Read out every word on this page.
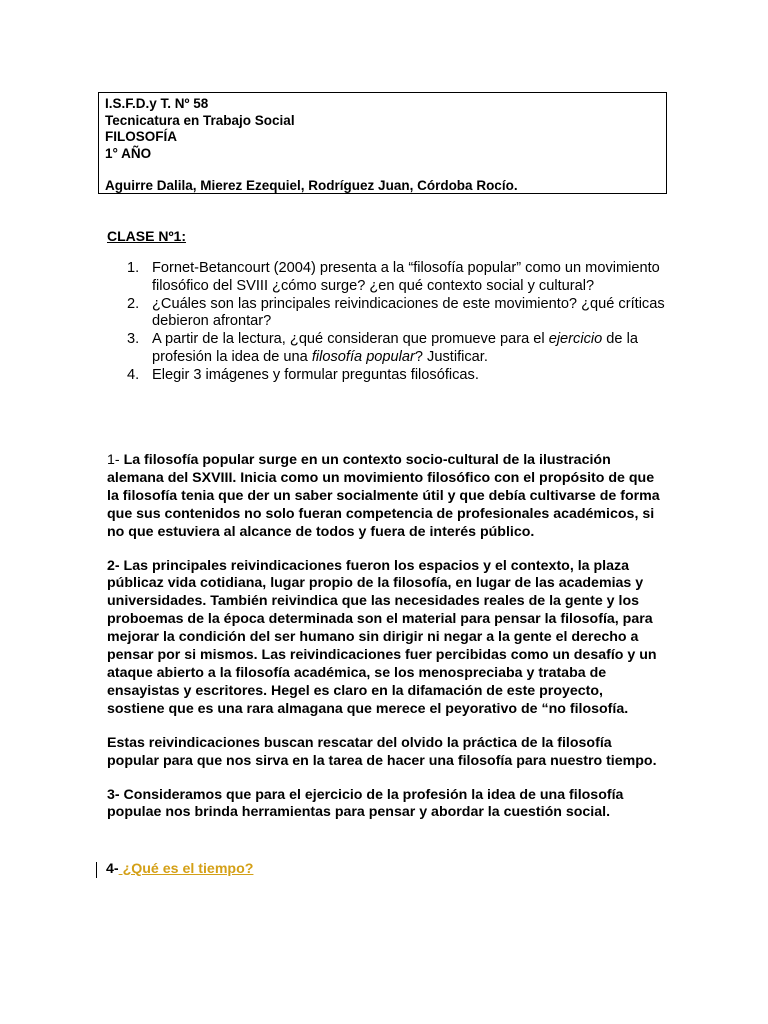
I.S.F.D.y T. Nº 58
Tecnicatura en Trabajo Social
FILOSOFÍA
1° AÑO
Aguirre Dalila, Mierez Ezequiel, Rodríguez Juan, Córdoba Rocío.
CLASE Nº1:
1. Fornet-Betancourt (2004) presenta a la “filosofía popular” como un movimiento filosófico del SVIII ¿cómo surge? ¿en qué contexto social y cultural?
2. ¿Cuáles son las principales reivindicaciones de este movimiento? ¿qué críticas debieron afrontar?
3. A partir de la lectura, ¿qué consideran que promueve para el ejercicio de la profesión la idea de una filosofía popular? Justificar.
4. Elegir 3 imágenes y formular preguntas filosóficas.

1- La filosofía popular surge en un contexto socio-cultural de la ilustración alemana del SXVIII. Inicia como un movimiento filosófico con el propósito de que la filosofía tenia que der un saber socialmente útil y que debía cultivarse de forma que sus contenidos no solo fueran competencia de profesionales académicos, si no que estuviera al alcance de todos y fuera de interés público.

2- Las principales reivindicaciones fueron los espacios y el contexto, la plaza públicaz vida cotidiana, lugar propio de la filosofía, en lugar de las academias y universidades. También reivindica que las necesidades reales de la gente y los proboemas de la época determinada son el material para pensar la filosofía, para mejorar la condición del ser humano sin dirigir ni negar a la gente el derecho a pensar por si mismos. Las reivindicaciones fuer percibidas como un desafío y un ataque abierto a la filosofía académica, se los menospreciaba y trataba de ensayistas y escritores. Hegel es claro en la difamación de este proyecto, sostiene que es una rara almagana que merece el peyorativo de “no filosofía.

Estas reivindicaciones buscan rescatar del olvido la práctica de la filosofía popular para que nos sirva en la tarea de hacer una filosofía para nuestro tiempo.

3- Consideramos que para el ejercicio de la profesión la idea de una filosofía populae nos brinda herramientas para pensar y abordar la cuestión social.

4- ¿Qué es el tiempo?
